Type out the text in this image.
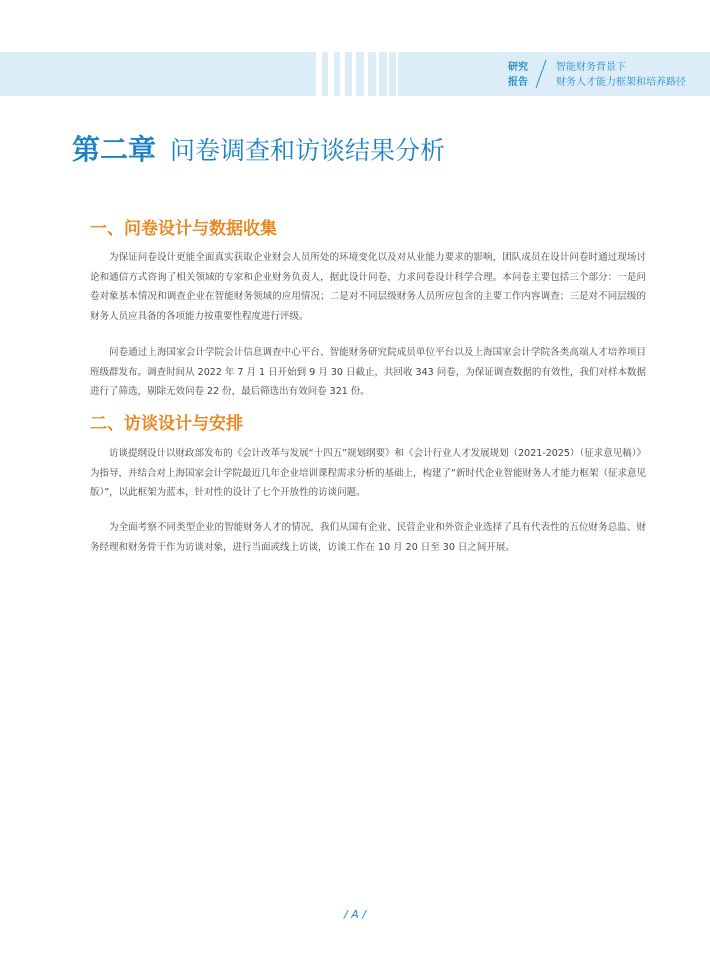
研究
报告
智能财务背景下
财务人才能力框架和培养路径
第二章 问卷调查和访谈结果分析
一、问卷设计与数据收集

为保证问卷设计更能全面真实获取企业财会人员所处的环境变化以及对从业能力要求的影响，团队成员在设计问卷时通过现场讨论和通信方式咨询了相关领域的专家和企业财务负责人，据此设计问卷，力求问卷设计科学合理。本问卷主要包括三个部分：一是问卷对象基本情况和调查企业在智能财务领域的应用情况；二是对不同层级财务人员所应包含的主要工作内容调查；三是对不同层级的财务人员应具备的各项能力按重要性程度进行评级。

问卷通过上海国家会计学院会计信息调查中心平台、智能财务研究院成员单位平台以及上海国家会计学院各类高端人才培养项目班级群发布。调查时间从 2022 年 7 月 1 日开始到 9 月 30 日截止，共回收 343 问卷，为保证调查数据的有效性，我们对样本数据进行了筛选，剔除无效问卷 22 份，最后筛选出有效问卷 321 份。

二、访谈设计与安排

访谈提纲设计以财政部发布的《会计改革与发展“十四五”规划纲要》和《会计行业人才发展规划（2021-2025）（征求意见稿）》为指导，并结合对上海国家会计学院最近几年企业培训课程需求分析的基础上，构建了“新时代企业智能财务人才能力框架（征求意见版）”，以此框架为蓝本，针对性的设计了七个开放性的访谈问题。

为全面考察不同类型企业的智能财务人才的情况，我们从国有企业、民营企业和外资企业选择了具有代表性的五位财务总监、财务经理和财务骨干作为访谈对象，进行当面或线上访谈，访谈工作在 10 月 20 日至 30 日之间开展。

/ A /
